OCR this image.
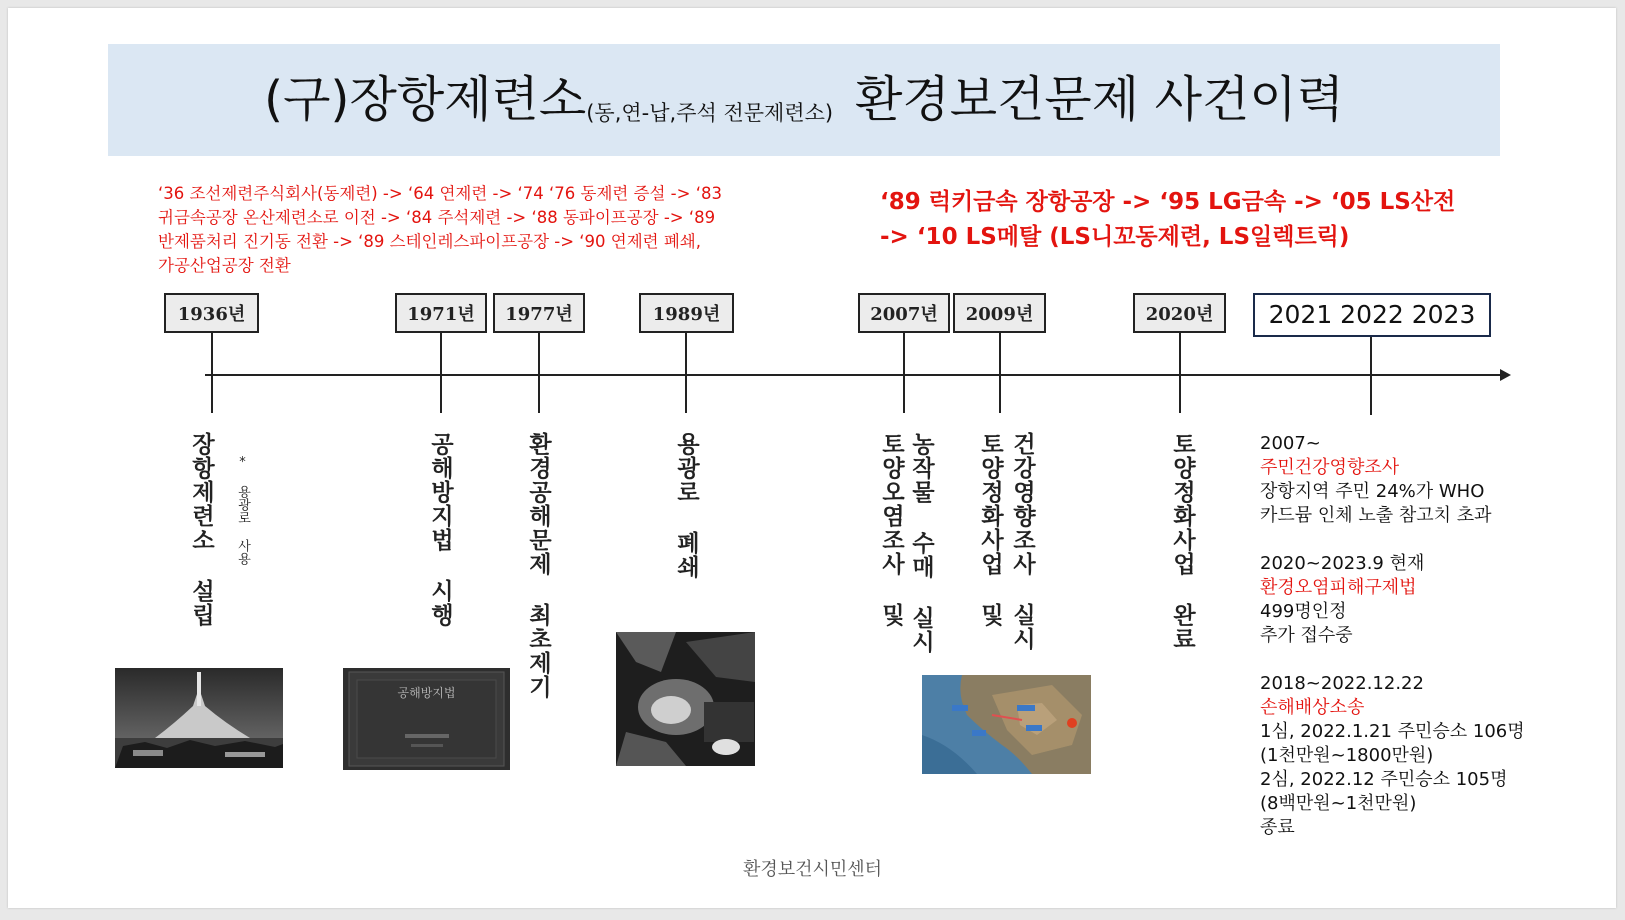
(구)장항제련소(동,연-납,주석 전문제련소) 환경보건문제 사건이력
‘36 조선제련주식회사(동제련) -> ‘64 연제련 -> ‘74 ‘76 동제련 증설 -> ‘83
귀금속공장 온산제련소로 이전 -> ‘84 주석제련 -> ‘88 동파이프공장 -> ‘89
반제품처리 진기동 전환 -> ‘89 스테인레스파이프공장 -> ‘90 연제련 폐쇄,
가공산업공장 전환
‘89 럭키금속 장항공장 -> ‘95 LG금속 -> ‘05 LS산전
-> ‘10 LS메탈 (LS니꼬동제련, LS일렉트릭)
1936년	1971년	1977년	1989년	2007년	2009년	2020년	2021 2022 2023
장항제련소 설립 * 용광로 사용	공해방지법 시행	환경공해문제 최초제기	용광로 폐쇄	농작물 수매 실시
토양오염조사 및	건강영향조사 실시
토양정화사업 및	토양정화사업 완료
공해방지법
2007~
주민건강영향조사
장항지역 주민 24%가 WHO
카드뮴 인체 노출 참고치 초과
2020~2023.9 현재
환경오염피해구제법
499명인정
추가 접수중
2018~2022.12.22
손해배상소송
1심, 2022.1.21 주민승소 106명
(1천만원~1800만원)
2심, 2022.12 주민승소 105명
(8백만원~1천만원)
종료
환경보건시민센터
